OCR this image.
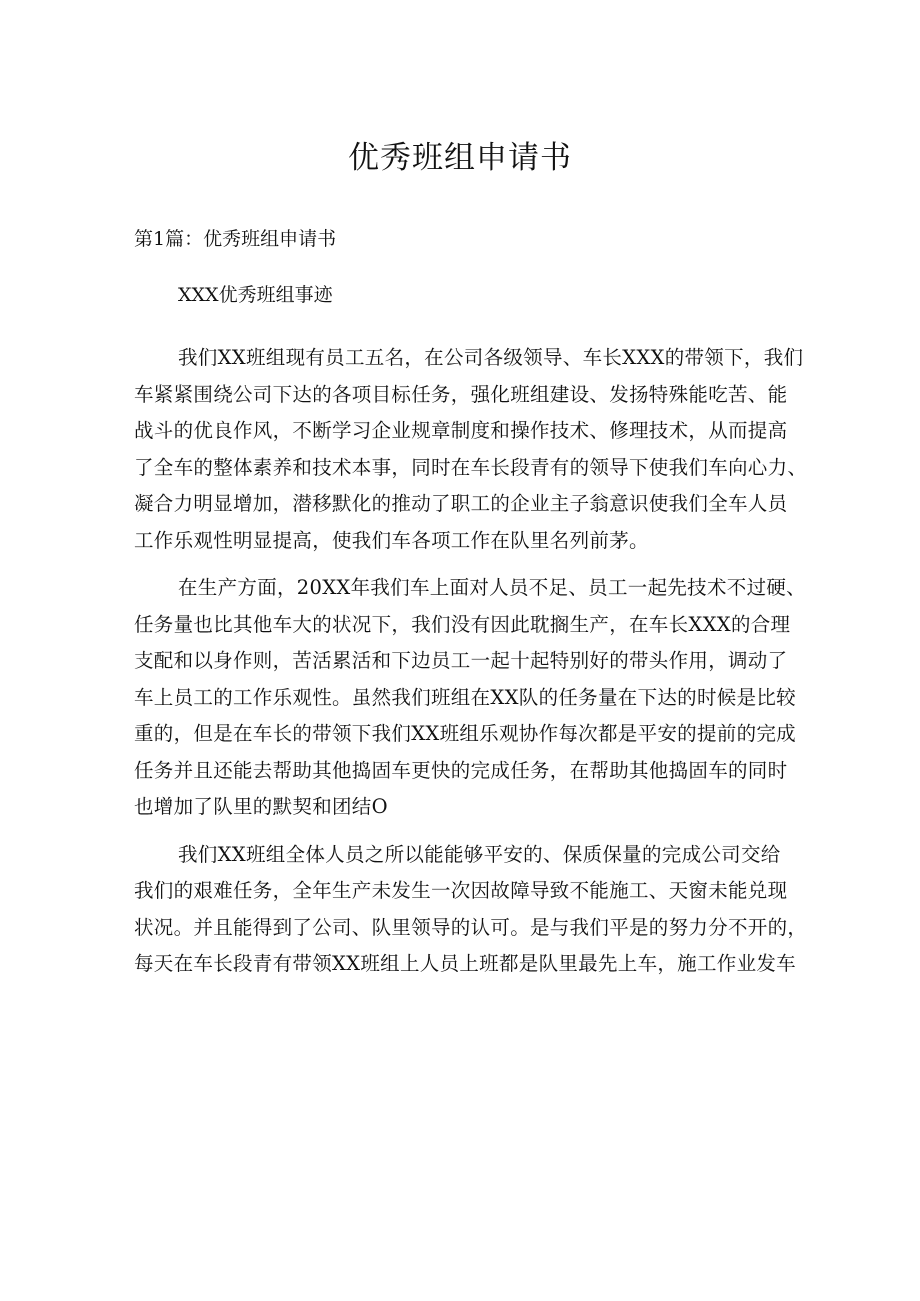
优秀班组申请书

第1篇：优秀班组申请书

XXX优秀班组事迹

我们XX班组现有员工五名，在公司各级领导、车长XXX的带领下，我们
车紧紧围绕公司下达的各项目标任务，强化班组建设、发扬特殊能吃苦、能
战斗的优良作风，不断学习企业规章制度和操作技术、修理技术，从而提高
了全车的整体素养和技术本事，同时在车长段青有的领导下使我们车向心力、
凝合力明显增加，潜移默化的推动了职工的企业主子翁意识使我们全车人员
工作乐观性明显提高，使我们车各项工作在队里名列前茅。
在生产方面，20XX年我们车上面对人员不足、员工一起先技术不过硬、
任务量也比其他车大的状况下，我们没有因此耽搁生产，在车长XXX的合理
支配和以身作则，苦活累活和下边员工一起十起特别好的带头作用，调动了
车上员工的工作乐观性。虽然我们班组在XX队的任务量在下达的时候是比较
重的，但是在车长的带领下我们XX班组乐观协作每次都是平安的提前的完成
任务并且还能去帮助其他捣固车更快的完成任务，在帮助其他捣固车的同时
也增加了队里的默契和团结O
我们XX班组全体人员之所以能能够平安的、保质保量的完成公司交给
我们的艰难任务，全年生产未发生一次因故障导致不能施工、天窗未能兑现
状况。并且能得到了公司、队里领导的认可。是与我们平是的努力分不开的，
每天在车长段青有带领XX班组上人员上班都是队里最先上车，施工作业发车
